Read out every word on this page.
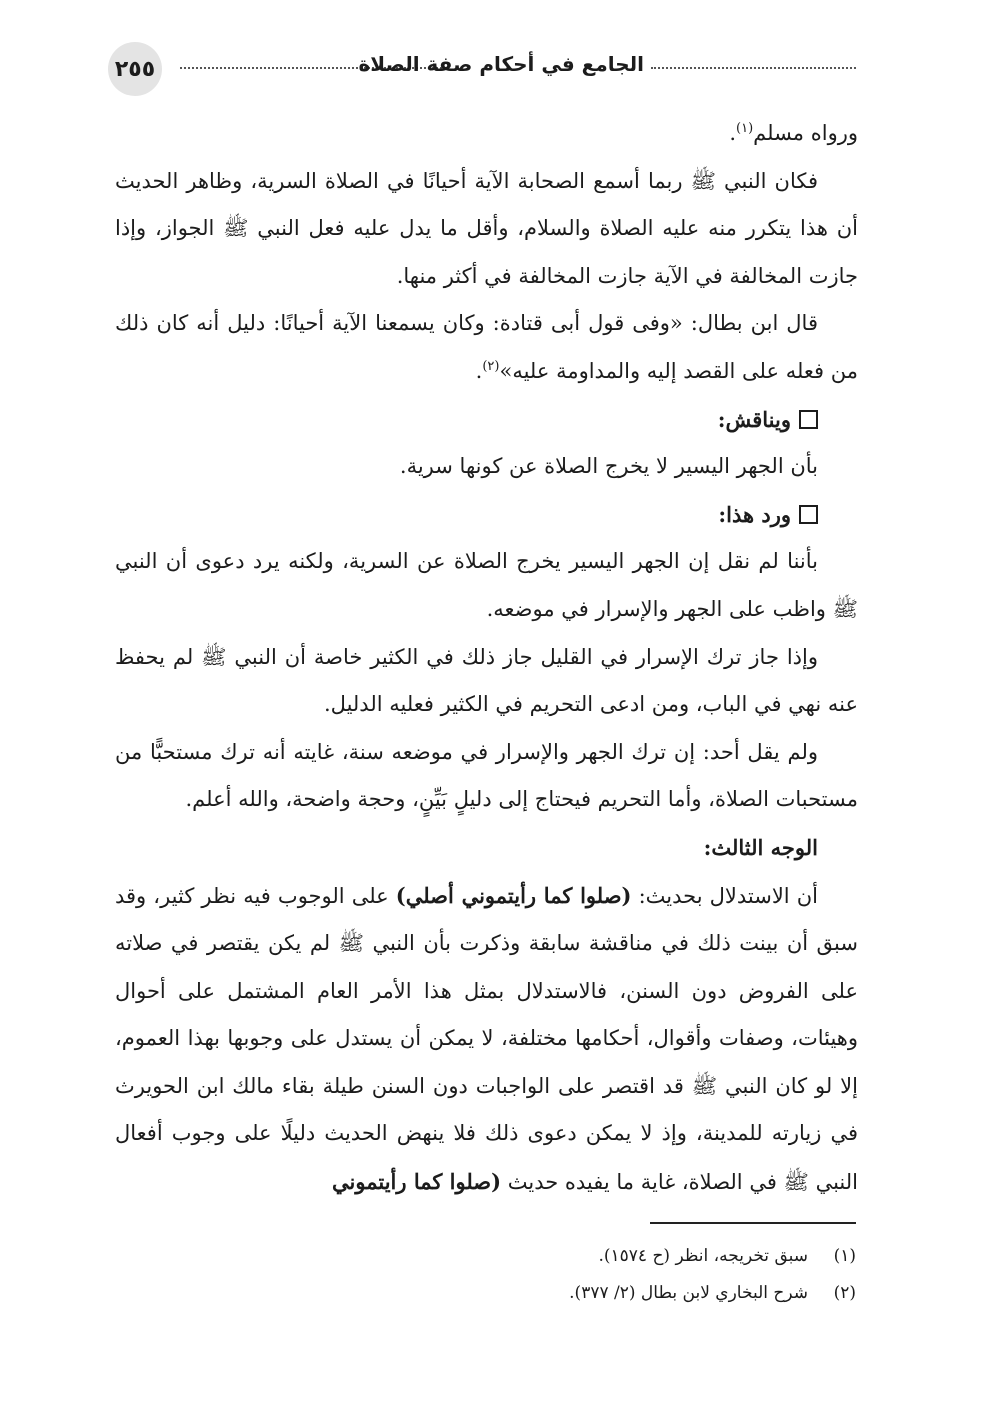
٢٥٥	الجامع في أحكام صفة الصلاة

ورواه مسلم$^{(١)}$.

فكان النبي ﷺ ربما أسمع الصحابة الآية أحيانًا في الصلاة السرية، وظاهر الحديث أن هذا يتكرر منه عليه الصلاة والسلام، وأقل ما يدل عليه فعل النبي ﷺ الجواز، وإذا جازت المخالفة في الآية جازت المخالفة في أكثر منها.

قال ابن بطال: «وفى قول أبى قتادة: وكان يسمعنا الآية أحيانًا: دليل أنه كان ذلك من فعله على القصد إليه والمداومة عليه»$^{(٢)}$.

ويناقش:

بأن الجهر اليسير لا يخرج الصلاة عن كونها سرية.

ورد هذا:

بأننا لم نقل إن الجهر اليسير يخرج الصلاة عن السرية، ولكنه يرد دعوى أن النبي ﷺ واظب على الجهر والإسرار في موضعه.

وإذا جاز ترك الإسرار في القليل جاز ذلك في الكثير خاصة أن النبي ﷺ لم يحفظ عنه نهي في الباب، ومن ادعى التحريم في الكثير فعليه الدليل.

ولم يقل أحد: إن ترك الجهر والإسرار في موضعه سنة، غايته أنه ترك مستحبًّا من مستحبات الصلاة، وأما التحريم فيحتاج إلى دليلٍ بَيِّنٍ، وحجة واضحة، والله أعلم.

الوجه الثالث:

أن الاستدلال بحديث: (صلوا كما رأيتموني أصلي) على الوجوب فيه نظر كثير، وقد سبق أن بينت ذلك في مناقشة سابقة وذكرت بأن النبي ﷺ لم يكن يقتصر في صلاته على الفروض دون السنن، فالاستدلال بمثل هذا الأمر العام المشتمل على أحوال وهيئات، وصفات وأقوال، أحكامها مختلفة، لا يمكن أن يستدل على وجوبها بهذا العموم، إلا لو كان النبي ﷺ قد اقتصر على الواجبات دون السنن طيلة بقاء مالك ابن الحويرث في زيارته للمدينة، وإذ لا يمكن دعوى ذلك فلا ينهض الحديث دليلًا على وجوب أفعال النبي ﷺ في الصلاة، غاية ما يفيده حديث (صلوا كما رأيتموني

(١)سبق تخريجه، انظر (ح ١٥٧٤).

(٢)شرح البخاري لابن بطال (٢/ ٣٧٧).
